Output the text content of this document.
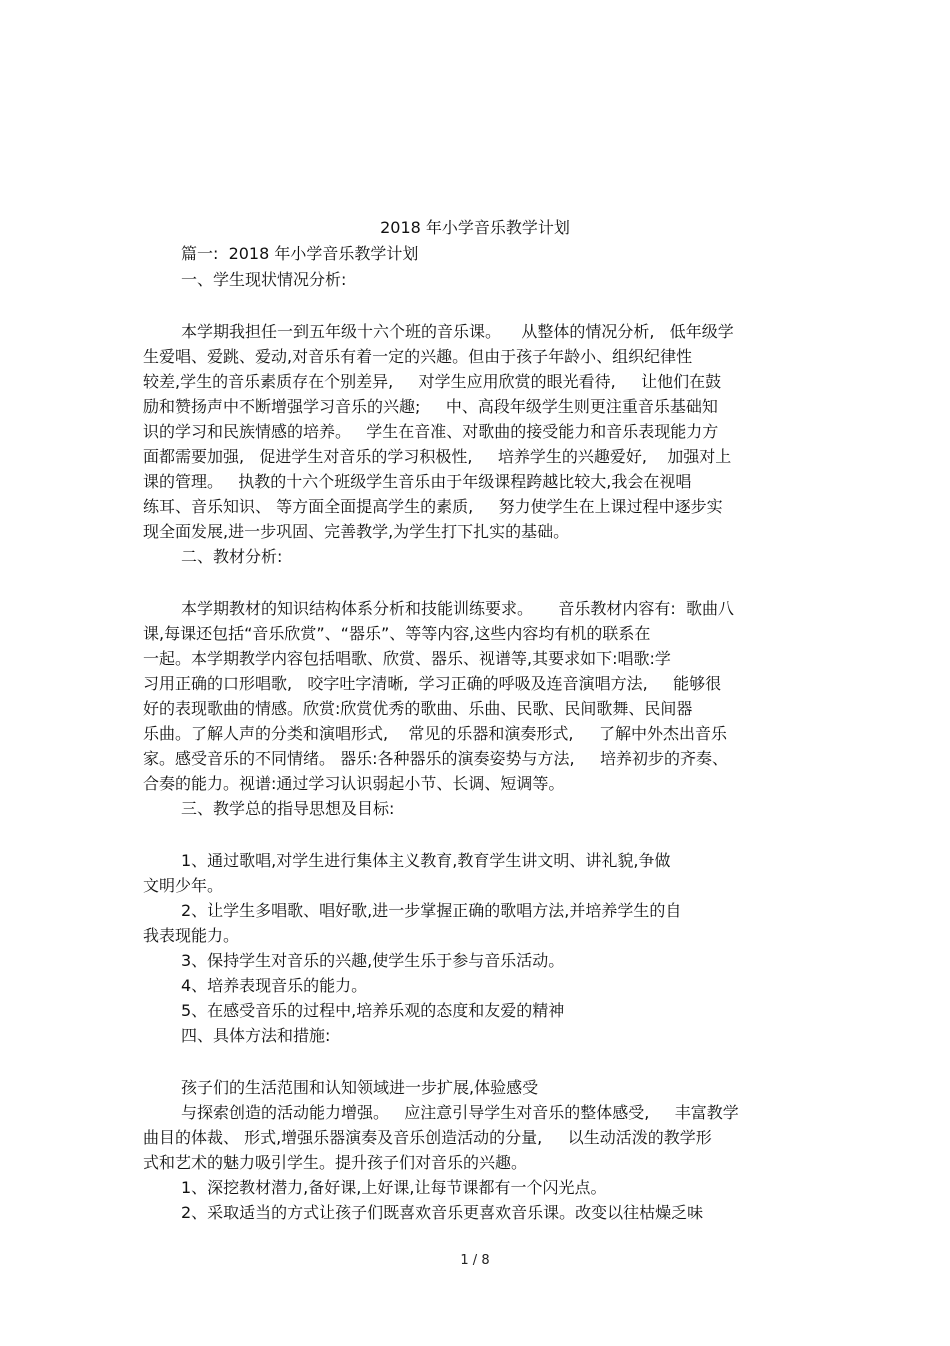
2018 年小学音乐教学计划
篇一:  2018 年小学音乐教学计划
一、学生现状情况分析:
本学期我担任一到五年级十六个班的音乐课。    从整体的情况分析,   低年级学
生爱唱、爱跳、爱动,对音乐有着一定的兴趣。但由于孩子年龄小、组织纪律性
较差,学生的音乐素质存在个别差异,     对学生应用欣赏的眼光看待,     让他们在鼓
励和赞扬声中不断增强学习音乐的兴趣;     中、高段年级学生则更注重音乐基础知
识的学习和民族情感的培养。   学生在音准、对歌曲的接受能力和音乐表现能力方
面都需要加强,   促进学生对音乐的学习积极性,     培养学生的兴趣爱好,    加强对上
课的管理。   执教的十六个班级学生音乐由于年级课程跨越比较大,我会在视唱
练耳、音乐知识、 等方面全面提高学生的素质,     努力使学生在上课过程中逐步实
现全面发展,进一步巩固、完善教学,为学生打下扎实的基础。
二、教材分析:
本学期教材的知识结构体系分析和技能训练要求。     音乐教材内容有:  歌曲八
课,每课还包括“音乐欣赏”、“器乐”、等等内容,这些内容均有机的联系在
一起。本学期教学内容包括唱歌、欣赏、器乐、视谱等,其要求如下:唱歌:学
习用正确的口形唱歌,   咬字吐字清晰,  学习正确的呼吸及连音演唱方法,     能够很
好的表现歌曲的情感。欣赏:欣赏优秀的歌曲、乐曲、民歌、民间歌舞、民间器
乐曲。了解人声的分类和演唱形式,    常见的乐器和演奏形式,     了解中外杰出音乐
家。感受音乐的不同情绪。 器乐:各种器乐的演奏姿势与方法,     培养初步的齐奏、
合奏的能力。视谱:通过学习认识弱起小节、长调、短调等。
三、教学总的指导思想及目标:
1、通过歌唱,对学生进行集体主义教育,教育学生讲文明、讲礼貌,争做
文明少年。
2、让学生多唱歌、唱好歌,进一步掌握正确的歌唱方法,并培养学生的自
我表现能力。
3、保持学生对音乐的兴趣,使学生乐于参与音乐活动。
4、培养表现音乐的能力。
5、在感受音乐的过程中,培养乐观的态度和友爱的精神
四、具体方法和措施:
孩子们的生活范围和认知领域进一步扩展,体验感受
与探索创造的活动能力增强。   应注意引导学生对音乐的整体感受,     丰富教学
曲目的体裁、 形式,增强乐器演奏及音乐创造活动的分量,     以生动活泼的教学形
式和艺术的魅力吸引学生。提升孩子们对音乐的兴趣。
1、深挖教材潜力,备好课,上好课,让每节课都有一个闪光点。
2、采取适当的方式让孩子们既喜欢音乐更喜欢音乐课。改变以往枯燥乏味
1 / 8
